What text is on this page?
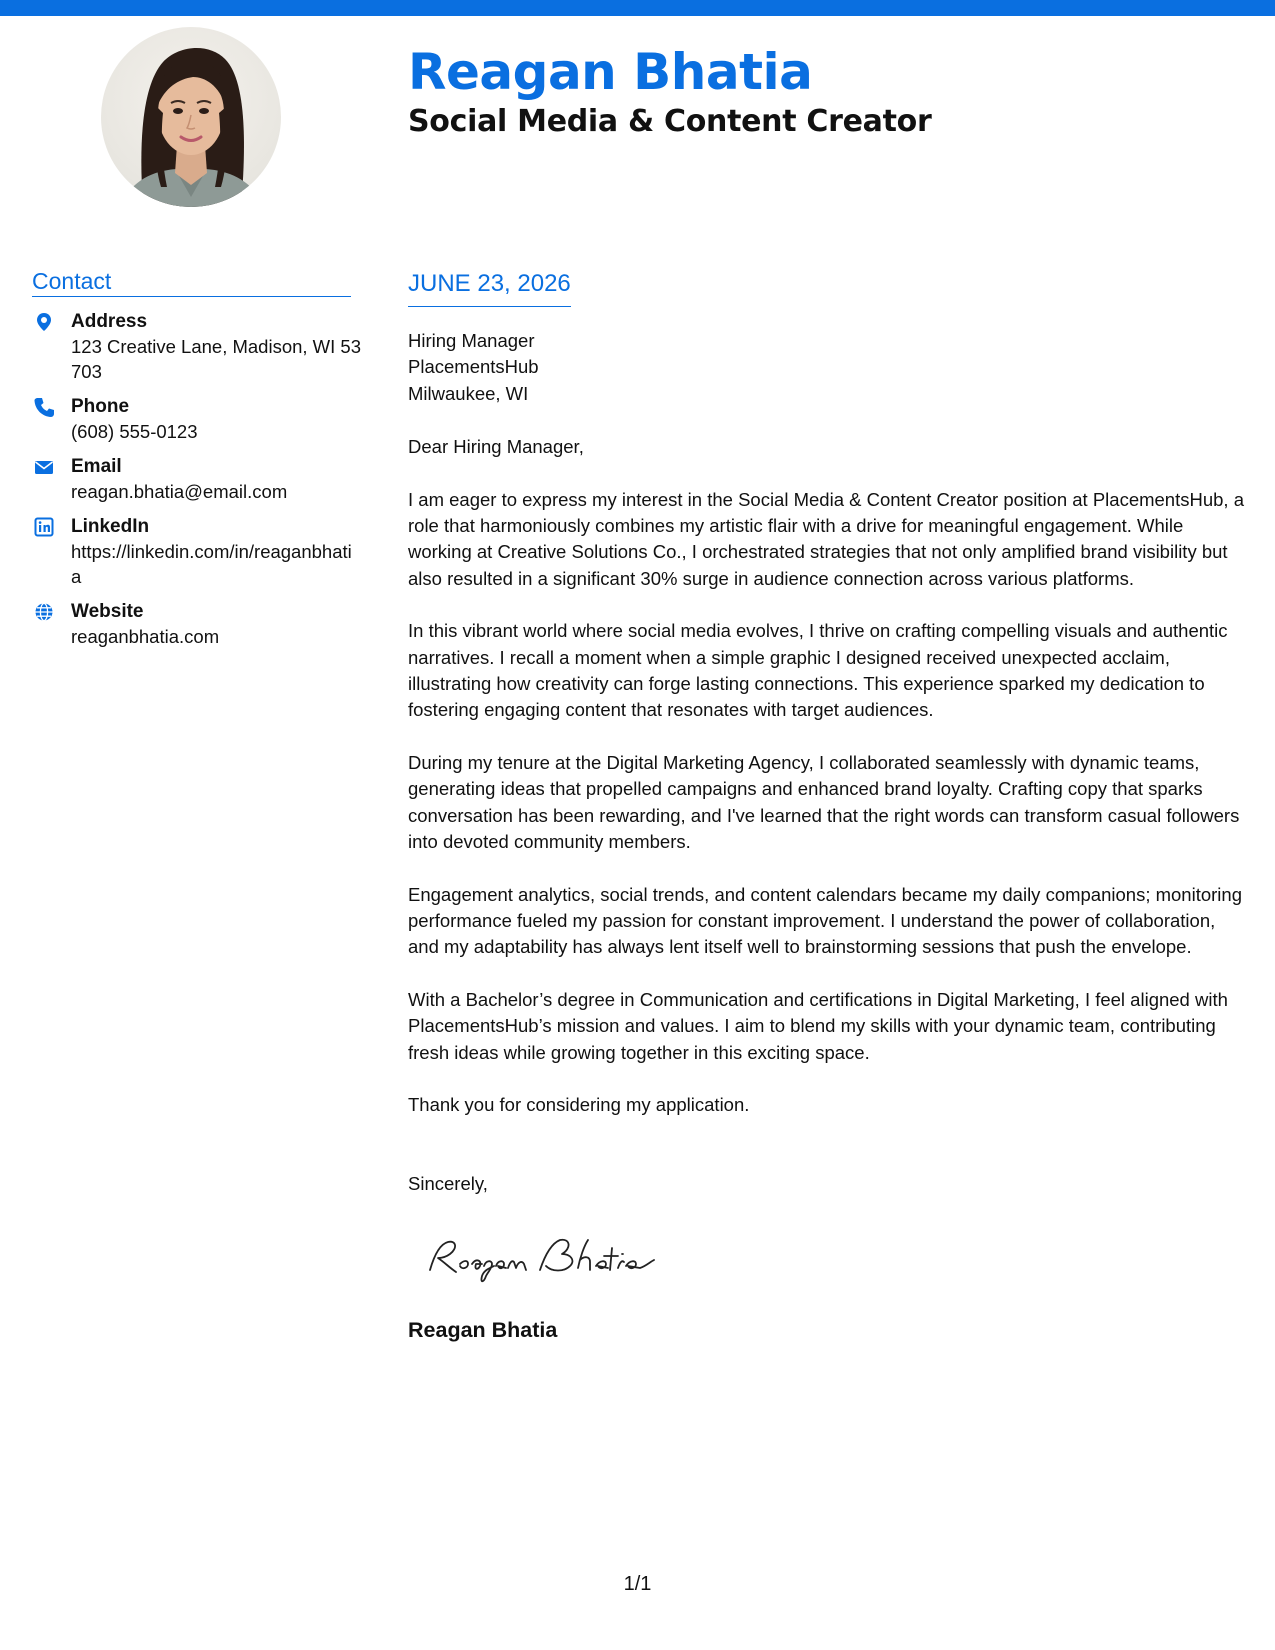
Reagan Bhatia
Social Media & Content Creator
Contact
Address
123 Creative Lane, Madison, WI 53703
Phone
(608) 555-0123
Email
reagan.bhatia@email.com
LinkedIn
https://linkedin.com/in/reaganbhatia
Website
reaganbhatia.com
JUNE 23, 2026
Hiring Manager
PlacementsHub
Milwaukee, WI
Dear Hiring Manager,

I am eager to express my interest in the Social Media & Content Creator position at PlacementsHub, a role that harmoniously combines my artistic flair with a drive for meaningful engagement. While working at Creative Solutions Co., I orchestrated strategies that not only amplified brand visibility but also resulted in a significant 30% surge in audience connection across various platforms.

In this vibrant world where social media evolves, I thrive on crafting compelling visuals and authentic narratives. I recall a moment when a simple graphic I designed received unexpected acclaim, illustrating how creativity can forge lasting connections. This experience sparked my dedication to fostering engaging content that resonates with target audiences.

During my tenure at the Digital Marketing Agency, I collaborated seamlessly with dynamic teams, generating ideas that propelled campaigns and enhanced brand loyalty. Crafting copy that sparks conversation has been rewarding, and I've learned that the right words can transform casual followers into devoted community members.

Engagement analytics, social trends, and content calendars became my daily companions; monitoring performance fueled my passion for constant improvement. I understand the power of collaboration, and my adaptability has always lent itself well to brainstorming sessions that push the envelope.

With a Bachelor’s degree in Communication and certifications in Digital Marketing, I feel aligned with PlacementsHub’s mission and values. I aim to blend my skills with your dynamic team, contributing fresh ideas while growing together in this exciting space.

Thank you for considering my application.

Sincerely,
Reagan Bhatia
1/1
